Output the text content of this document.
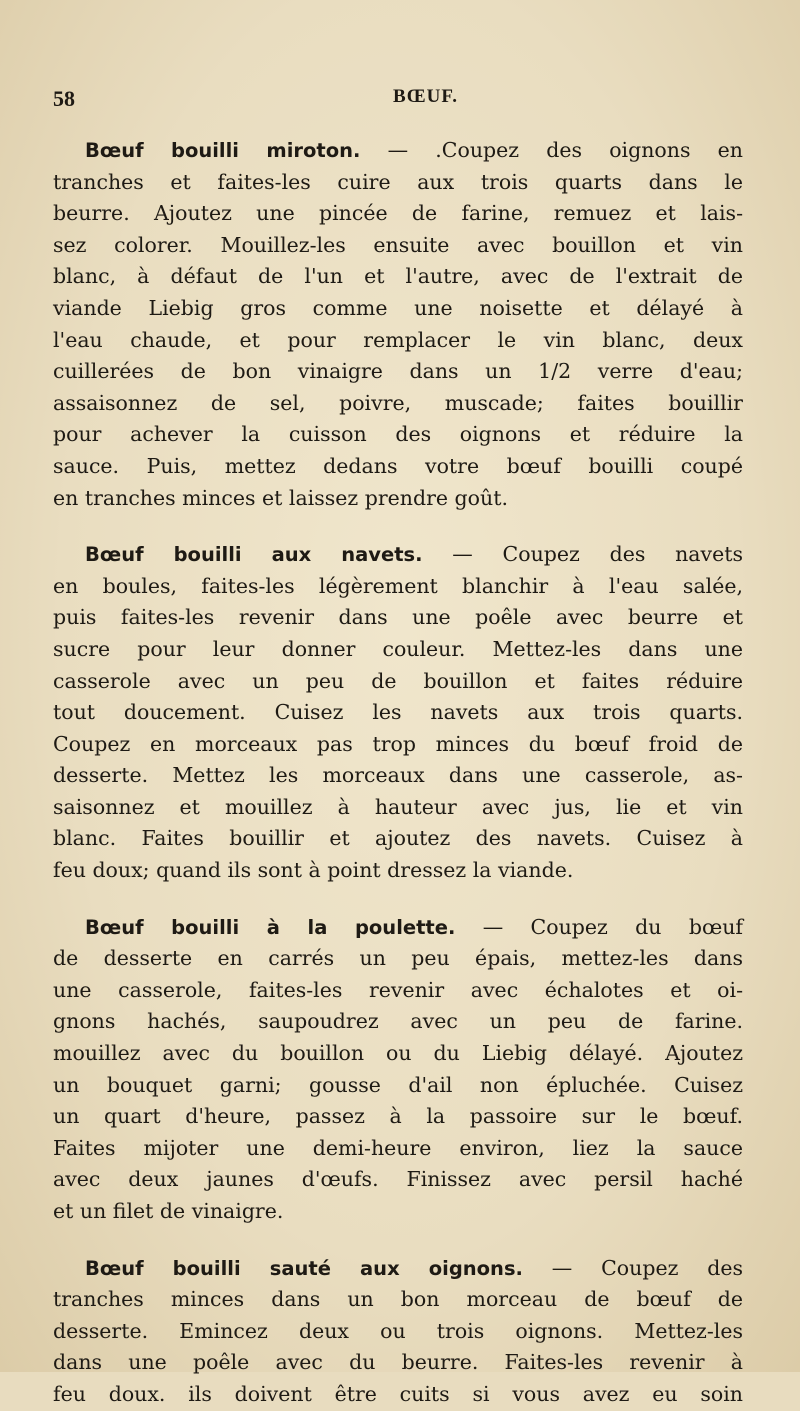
58	BŒUF.

Bœuf bouilli miroton. — .Coupez des oignons en
tranches et faites-les cuire aux trois quarts dans le
beurre. Ajoutez une pincée de farine, remuez et lais-
sez colorer. Mouillez-les ensuite avec bouillon et vin
blanc, à défaut de l'un et l'autre, avec de l'extrait de
viande Liebig gros comme une noisette et délayé à
l'eau chaude, et pour remplacer le vin blanc, deux
cuillerées de bon vinaigre dans un 1/2 verre d'eau;
assaisonnez de sel, poivre, muscade; faites bouillir
pour achever la cuisson des oignons et réduire la
sauce. Puis, mettez dedans votre bœuf bouilli coupé
en tranches minces et laissez prendre goût.

Bœuf bouilli aux navets. — Coupez des navets
en boules, faites-les légèrement blanchir à l'eau salée,
puis faites-les revenir dans une poêle avec beurre et
sucre pour leur donner couleur. Mettez-les dans une
casserole avec un peu de bouillon et faites réduire
tout doucement. Cuisez les navets aux trois quarts.
Coupez en morceaux pas trop minces du bœuf froid de
desserte. Mettez les morceaux dans une casserole, as-
saisonnez et mouillez à hauteur avec jus, lie et vin
blanc. Faites bouillir et ajoutez des navets. Cuisez à
feu doux; quand ils sont à point dressez la viande.

Bœuf bouilli à la poulette. — Coupez du bœuf
de desserte en carrés un peu épais, mettez-les dans
une casserole, faites-les revenir avec échalotes et oi-
gnons hachés, saupoudrez avec un peu de farine.
mouillez avec du bouillon ou du Liebig délayé. Ajoutez
un bouquet garni; gousse d'ail non épluchée. Cuisez
un quart d'heure, passez à la passoire sur le bœuf.
Faites mijoter une demi-heure environ, liez la sauce
avec deux jaunes d'œufs. Finissez avec persil haché
et un filet de vinaigre.

Bœuf bouilli sauté aux oignons. — Coupez des
tranches minces dans un bon morceau de bœuf de
desserte. Emincez deux ou trois oignons. Mettez-les
dans une poêle avec du beurre. Faites-les revenir à
feu doux. ils doivent être cuits si vous avez eu soin
